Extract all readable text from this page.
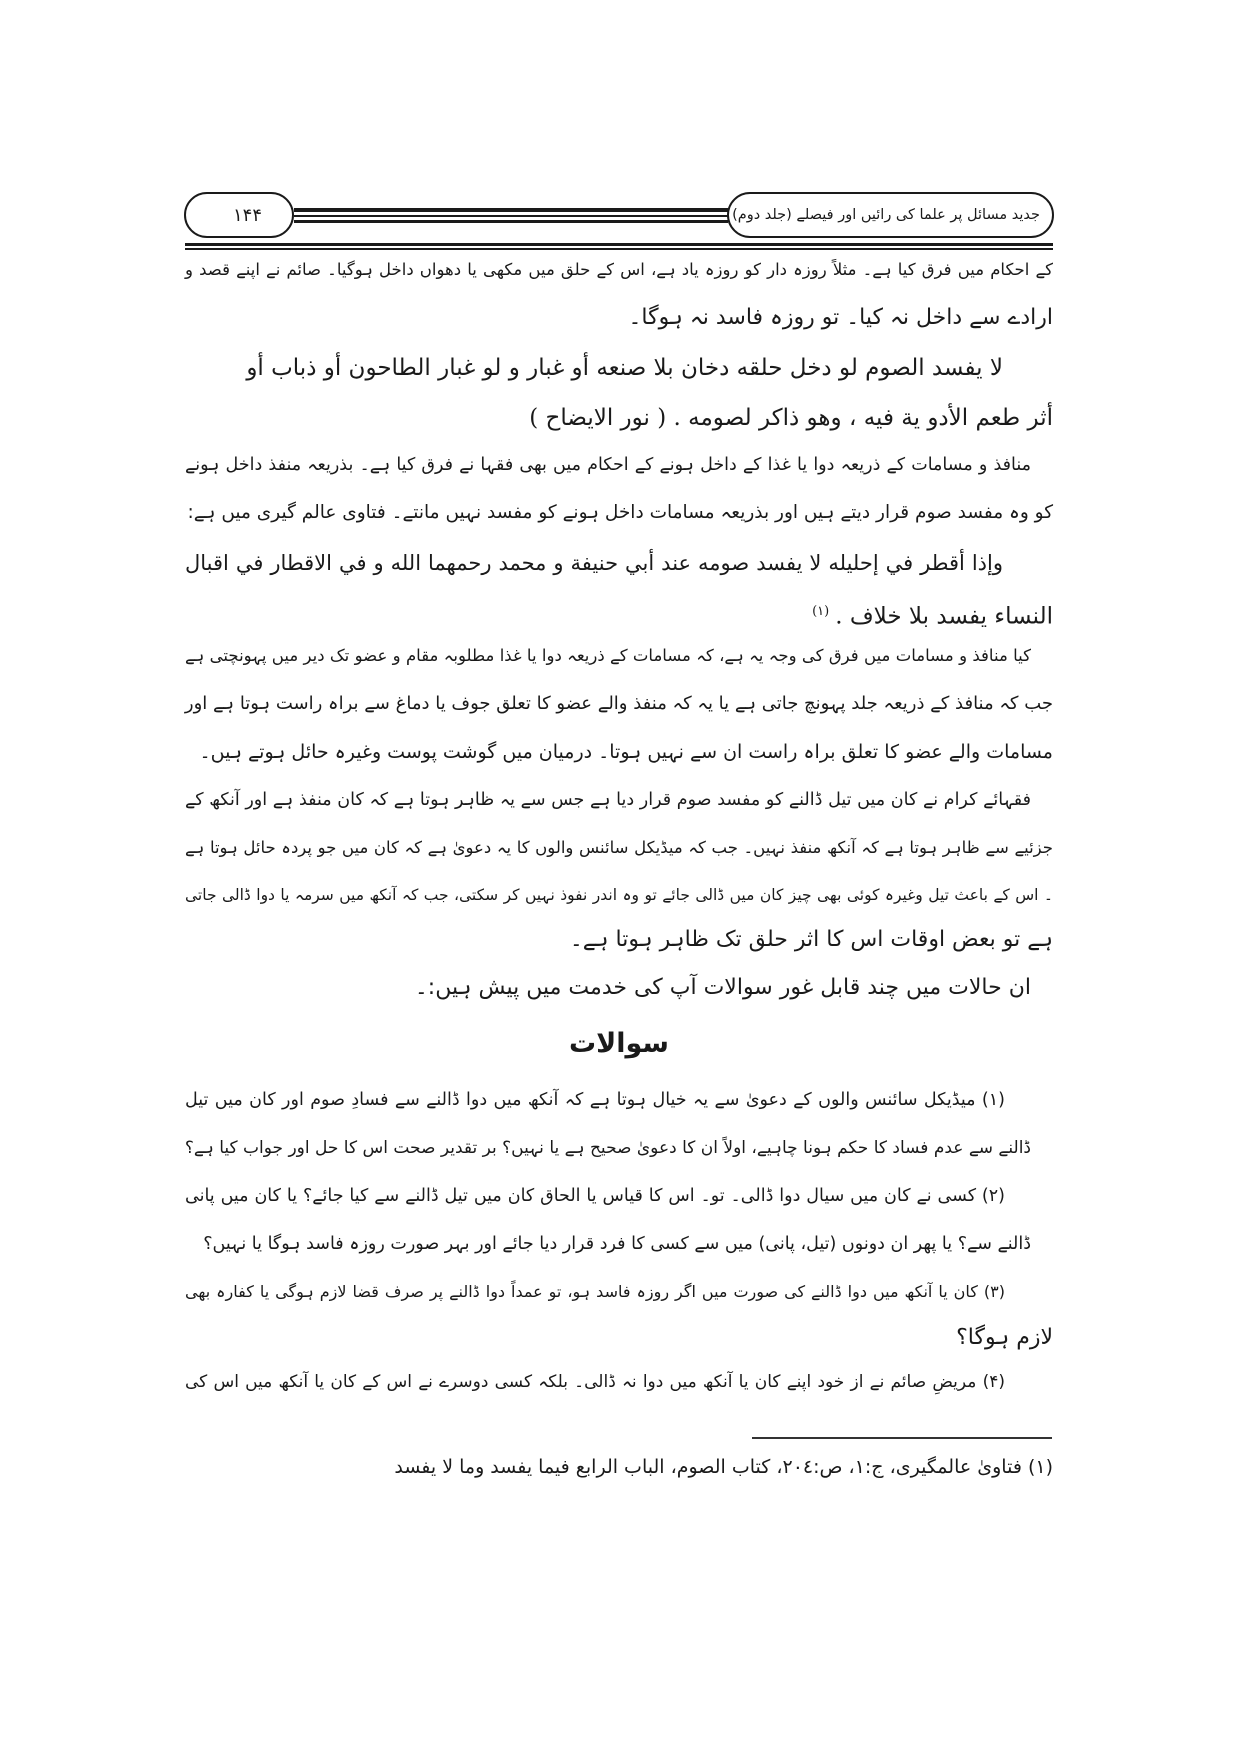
جدید مسائل پر علما کی رائیں اور فیصلے (جلد دوم)
۱۴۴
کے احکام میں فرق کیا ہے۔ مثلاً روزہ دار کو روزہ یاد ہے، اس کے حلق میں مکھی یا دھواں داخل ہوگیا۔ صائم نے اپنے قصد و
ارادے سے داخل نہ کیا۔ تو روزہ فاسد نہ ہوگا۔
لا يفسد الصوم لو دخل حلقه دخان بلا صنعه أو غبار و لو غبار الطاحون أو ذباب أو
أثر طعم الأدو ية فيه ، وهو ذاكر لصومه . ( نور الايضاح )
منافذ و مسامات کے ذریعہ دوا یا غذا کے داخل ہونے کے احکام میں بھی فقہا نے فرق کیا ہے۔ بذریعہ منفذ داخل ہونے
کو وہ مفسد صوم قرار دیتے ہیں اور بذریعہ مسامات داخل ہونے کو مفسد نہیں مانتے۔ فتاوی عالم گیری میں ہے:
وإذا أقطر في إحليله لا يفسد صومه عند أبي حنيفة و محمد رحمهما الله و في الاقطار في اقبال
النساء يفسد بلا خلاف .$^{(۱)}$
کیا منافذ و مسامات میں فرق کی وجہ یہ ہے، کہ مسامات کے ذریعہ دوا یا غذا مطلوبہ مقام و عضو تک دیر میں پہونچتی ہے
جب کہ منافذ کے ذریعہ جلد پہونچ جاتی ہے یا یہ کہ منفذ والے عضو کا تعلق جوف یا دماغ سے براہ راست ہوتا ہے اور
مسامات والے عضو کا تعلق براہ راست ان سے نہیں ہوتا۔ درمیان میں گوشت پوست وغیرہ حائل ہوتے ہیں۔
فقہائے کرام نے کان میں تیل ڈالنے کو مفسد صوم قرار دیا ہے جس سے یہ ظاہر ہوتا ہے کہ کان منفذ ہے اور آنکھ کے
جزئیے سے ظاہر ہوتا ہے کہ آنکھ منفذ نہیں۔ جب کہ میڈیکل سائنس والوں کا یہ دعویٰ ہے کہ کان میں جو پردہ حائل ہوتا ہے
۔ اس کے باعث تیل وغیرہ کوئی بھی چیز کان میں ڈالی جائے تو وہ اندر نفوذ نہیں کر سکتی، جب کہ آنکھ میں سرمہ یا دوا ڈالی جاتی
ہے تو بعض اوقات اس کا اثر حلق تک ظاہر ہوتا ہے۔
ان حالات میں چند قابل غور سوالات آپ کی خدمت میں پیش ہیں:۔
سوالات
(۱) میڈیکل سائنس والوں کے دعویٰ سے یہ خیال ہوتا ہے کہ آنکھ میں دوا ڈالنے سے فسادِ صوم اور کان میں تیل
ڈالنے سے عدم فساد کا حکم ہونا چاہیے، اولاً ان کا دعویٰ صحیح ہے یا نہیں؟ بر تقدیر صحت اس کا حل اور جواب کیا ہے؟
(۲) کسی نے کان میں سیال دوا ڈالی۔ تو۔ اس کا قیاس یا الحاق کان میں تیل ڈالنے سے کیا جائے؟ یا کان میں پانی
ڈالنے سے؟ یا پھر ان دونوں (تیل، پانی) میں سے کسی کا فرد قرار دیا جائے اور بہر صورت روزہ فاسد ہوگا یا نہیں؟
(۳) کان یا آنکھ میں دوا ڈالنے کی صورت میں اگر روزہ فاسد ہو، تو عمداً دوا ڈالنے پر صرف قضا لازم ہوگی یا کفارہ بھی
لازم ہوگا؟
(۴) مریضِ صائم نے از خود اپنے کان یا آنکھ میں دوا نہ ڈالی۔ بلکہ کسی دوسرے نے اس کے کان یا آنکھ میں اس کی
(۱) فتاویٰ عالمگیری، ج:۱، ص:۲۰٤، كتاب الصوم، الباب الرابع فيما يفسد وما لا يفسد
